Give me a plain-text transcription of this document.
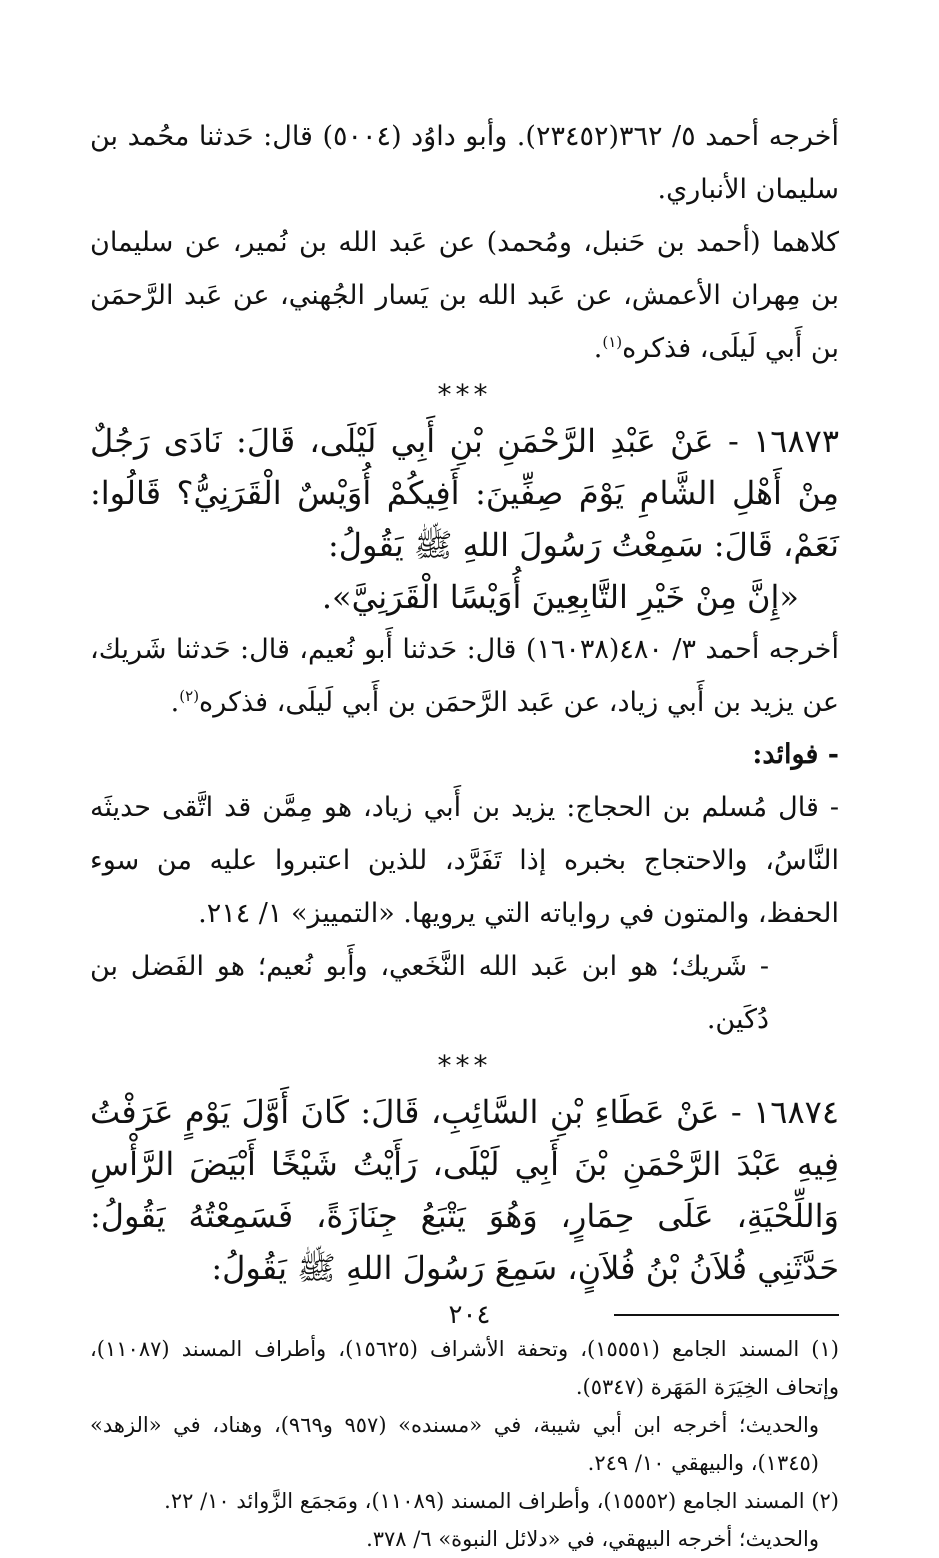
أخرجه أحمد ٥/ ٣٦٢(٢٣٤٥٢). وأبو داوُد (٥٠٠٤) قال: حَدثنا محُمد بن سليمان الأنباري.

كلاهما (أحمد بن حَنبل، ومُحمد) عن عَبد الله بن نُمير، عن سليمان بن مِهران الأعمش، عن عَبد الله بن يَسار الجُهني، عن عَبد الرَّحمَن بن أَبي لَيلَى، فذكره$^{(١)}$.

***

١٦٨٧٣ - عَنْ عَبْدِ الرَّحْمَنِ بْنِ أَبِي لَيْلَى، قَالَ: نَادَى رَجُلٌ مِنْ أَهْلِ الشَّامِ يَوْمَ صِفِّينَ: أَفِيكُمْ أُوَيْسٌ الْقَرَنِيُّ؟ قَالُوا: نَعَمْ، قَالَ: سَمِعْتُ رَسُولَ اللهِ ﷺ يَقُولُ:

«إِنَّ مِنْ خَيْرِ التَّابِعِينَ أُوَيْسًا الْقَرَنِيَّ».

أخرجه أحمد ٣/ ٤٨٠(١٦٠٣٨) قال: حَدثنا أَبو نُعيم، قال: حَدثنا شَريك، عن يزيد بن أَبي زياد، عن عَبد الرَّحمَن بن أَبي لَيلَى، فذكره$^{(٢)}$.

- فوائد:

- قال مُسلم بن الحجاج: يزيد بن أَبي زياد، هو مِمَّن قد اتَّقى حديثَه النَّاسُ، والاحتجاج بخبره إذا تَفَرَّد، للذين اعتبروا عليه من سوء الحفظ، والمتون في رواياته التي يرويها. «التمييز» ١/ ٢١٤.

- شَريك؛ هو ابن عَبد الله النَّخَعي، وأَبو نُعيم؛ هو الفَضل بن دُكَين.

***

١٦٨٧٤ - عَنْ عَطَاءِ بْنِ السَّائِبِ، قَالَ: كَانَ أَوَّلَ يَوْمٍ عَرَفْتُ فِيهِ عَبْدَ الرَّحْمَنِ بْنَ أَبِي لَيْلَى، رَأَيْتُ شَيْخًا أَبْيَضَ الرَّأْسِ وَاللِّحْيَةِ، عَلَى حِمَارٍ، وَهُوَ يَتْبَعُ جِنَازَةً، فَسَمِعْتُهُ يَقُولُ: حَدَّثَنِي فُلاَنُ بْنُ فُلاَنٍ، سَمِعَ رَسُولَ اللهِ ﷺ يَقُولُ:

(١) المسند الجامع (١٥٥٥١)، وتحفة الأشراف (١٥٦٢٥)، وأطراف المسند (١١٠٨٧)، وإتحاف الخِيَرَة المَهَرة (٥٣٤٧).

والحديث؛ أخرجه ابن أبي شيبة، في «مسنده» (٩٥٧ و٩٦٩)، وهناد، في «الزهد» (١٣٤٥)، والبيهقي ١٠/ ٢٤٩.

(٢) المسند الجامع (١٥٥٥٢)، وأطراف المسند (١١٠٨٩)، ومَجمَع الزَّوائد ١٠/ ٢٢.

والحديث؛ أخرجه البيهقي، في «دلائل النبوة» ٦/ ٣٧٨.

٢٠٤
